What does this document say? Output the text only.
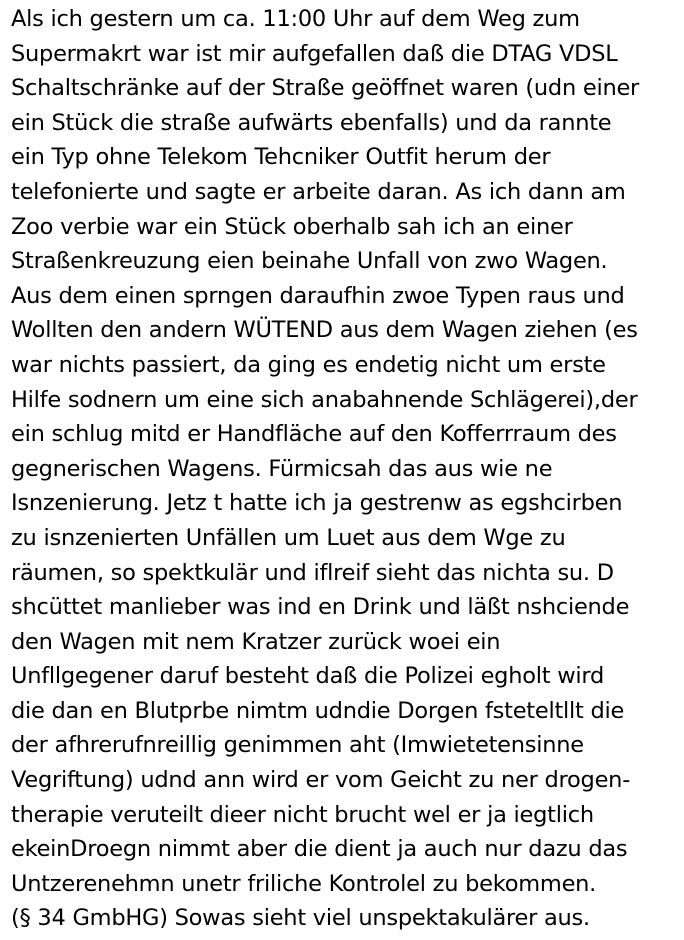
Als ich gestern um ca. 11:00 Uhr auf dem Weg zum
Supermakrt war ist mir aufgefallen daß die DTAG VDSL
Schaltschränke auf der Straße geöffnet waren (udn einer
ein Stück die straße aufwärts ebenfalls) und da rannte
ein Typ ohne Telekom Tehcniker Outfit herum der
telefonierte und sagte er arbeite daran. As ich dann am
Zoo verbie war ein Stück oberhalb sah ich an einer
Straßenkreuzung eien beinahe Unfall von zwo Wagen.
Aus dem einen sprngen daraufhin zwoe Typen raus und
Wollten den andern WÜTEND aus dem Wagen ziehen (es
war nichts passiert, da ging es endetig nicht um erste
Hilfe sodnern um eine sich anabahnende Schlägerei),der
ein schlug mitd er Handfläche auf den Kofferrraum des
gegnerischen Wagens. Fürmicsah das aus wie ne
Isnzenierung. Jetz t hatte ich ja gestrenw as egshcirben
zu isnzenierten Unfällen um Luet aus dem Wge zu
räumen, so spektkulär und iflreif sieht das nichta su. D
shcüttet manlieber was ind en Drink und läßt nshciende
den Wagen mit nem Kratzer zurück woei ein
Unfllgegener daruf besteht daß die Polizei egholt wird
die dan en Blutprbe nimtm udndie Dorgen fstetelt​llt die
der afhrerufnreillig genimmen aht (Imwietetensinne
Vegriftung) udnd ann wird er vom Geicht zu ner drogen-
therapie veruteilt dieer nicht brucht wel er ja iegtlich
ekeinDroegn nimmt aber die dient ja auch nur dazu das
Untzerenehmn unetr friliche Kontrolel zu bekommen.
(§ 34 GmbHG) Sowas sieht viel unspektakulärer aus.
